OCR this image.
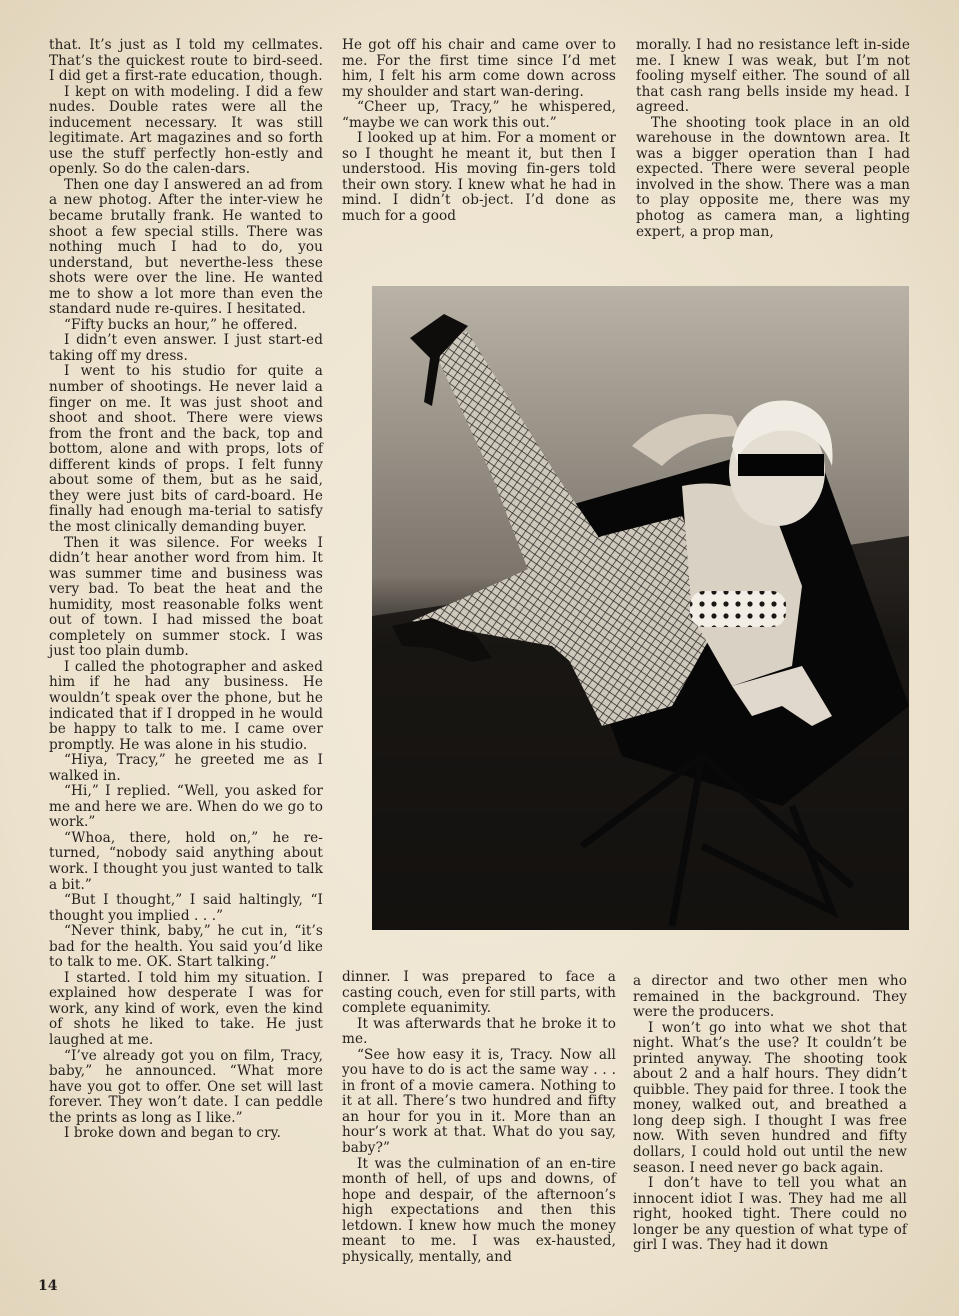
that. It’s just as I told my cellmates. That’s the quickest route to bird-seed. I did get a first-rate education, though.

I kept on with modeling. I did a few nudes. Double rates were all the inducement necessary. It was still legitimate. Art magazines and so forth use the stuff perfectly hon-estly and openly. So do the calen-dars.

Then one day I answered an ad from a new photog. After the inter-view he became brutally frank. He wanted to shoot a few special stills. There was nothing much I had to do, you understand, but neverthe-less these shots were over the line. He wanted me to show a lot more than even the standard nude re-quires. I hesitated.

“Fifty bucks an hour,” he offered.

I didn’t even answer. I just start-ed taking off my dress.

I went to his studio for quite a number of shootings. He never laid a finger on me. It was just shoot and shoot and shoot. There were views from the front and the back, top and bottom, alone and with props, lots of different kinds of props. I felt funny about some of them, but as he said, they were just bits of card-board. He finally had enough ma-terial to satisfy the most clinically demanding buyer.

Then it was silence. For weeks I didn’t hear another word from him. It was summer time and business was very bad. To beat the heat and the humidity, most reasonable folks went out of town. I had missed the boat completely on summer stock. I was just too plain dumb.

I called the photographer and asked him if he had any business. He wouldn’t speak over the phone, but he indicated that if I dropped in he would be happy to talk to me. I came over promptly. He was alone in his studio.

“Hiya, Tracy,” he greeted me as I walked in.

“Hi,” I replied. “Well, you asked for me and here we are. When do we go to work.”

“Whoa, there, hold on,” he re-turned, “nobody said anything about work. I thought you just wanted to talk a bit.”

“But I thought,” I said haltingly, “I thought you implied . . .”

“Never think, baby,” he cut in, “it’s bad for the health. You said you’d like to talk to me. OK. Start talking.”

I started. I told him my situation. I explained how desperate I was for work, any kind of work, even the kind of shots he liked to take. He just laughed at me.

“I’ve already got you on film, Tracy, baby,” he announced. “What more have you got to offer. One set will last forever. They won’t date. I can peddle the prints as long as I like.”

I broke down and began to cry.

He got off his chair and came over to me. For the first time since I’d met him, I felt his arm come down across my shoulder and start wan-dering.

“Cheer up, Tracy,” he whispered, “maybe we can work this out.”

I looked up at him. For a moment or so I thought he meant it, but then I understood. His moving fin-gers told their own story. I knew what he had in mind. I didn’t ob-ject. I’d done as much for a good

morally. I had no resistance left in-side me. I knew I was weak, but I’m not fooling myself either. The sound of all that cash rang bells inside my head. I agreed.

The shooting took place in an old warehouse in the downtown area. It was a bigger operation than I had expected. There were several people involved in the show. There was a man to play opposite me, there was my photog as camera man, a lighting expert, a prop man,

dinner. I was prepared to face a casting couch, even for still parts, with complete equanimity.

It was afterwards that he broke it to me.

“See how easy it is, Tracy. Now all you have to do is act the same way . . . in front of a movie camera. Nothing to it at all. There’s two hundred and fifty an hour for you in it. More than an hour’s work at that. What do you say, baby?”

It was the culmination of an en-tire month of hell, of ups and downs, of hope and despair, of the afternoon’s high expectations and then this letdown. I knew how much the money meant to me. I was ex-hausted, physically, mentally, and

a director and two other men who remained in the background. They were the producers.

I won’t go into what we shot that night. What’s the use? It couldn’t be printed anyway. The shooting took about 2 and a half hours. They didn’t quibble. They paid for three. I took the money, walked out, and breathed a long deep sigh. I thought I was free now. With seven hundred and fifty dollars, I could hold out until the new season. I need never go back again.

I don’t have to tell you what an innocent idiot I was. They had me all right, hooked tight. There could no longer be any question of what type of girl I was. They had it down

14
